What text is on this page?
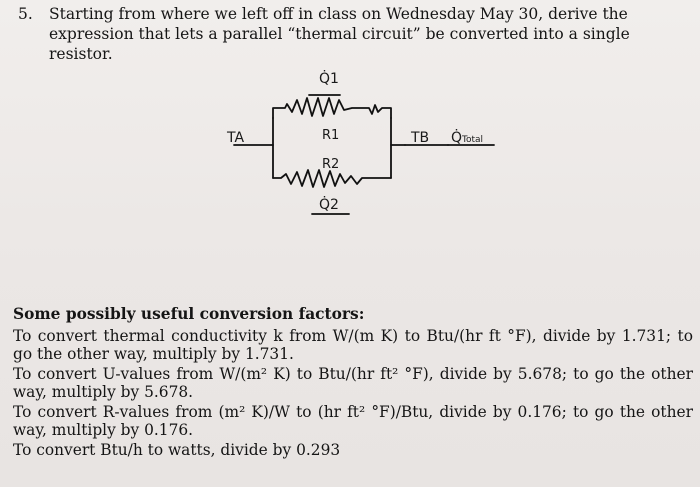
5. Starting from where we left off in class on Wednesday May 30, derive the expression that lets a parallel “thermal circuit” be converted into a single resistor.
Q̇1
R1
TA	TB Q̇Total
R2
Q̇2
Some possibly useful conversion factors:
To convert thermal conductivity k from W/(m K) to Btu/(hr ft °F), divide by 1.731; to go the other way, multiply by 1.731.
To convert U-values from W/(m² K) to Btu/(hr ft² °F), divide by 5.678; to go the other way, multiply by 5.678.
To convert R-values from (m² K)/W to (hr ft² °F)/Btu, divide by 0.176; to go the other way, multiply by 0.176.
To convert Btu/h to watts, divide by 0.293
